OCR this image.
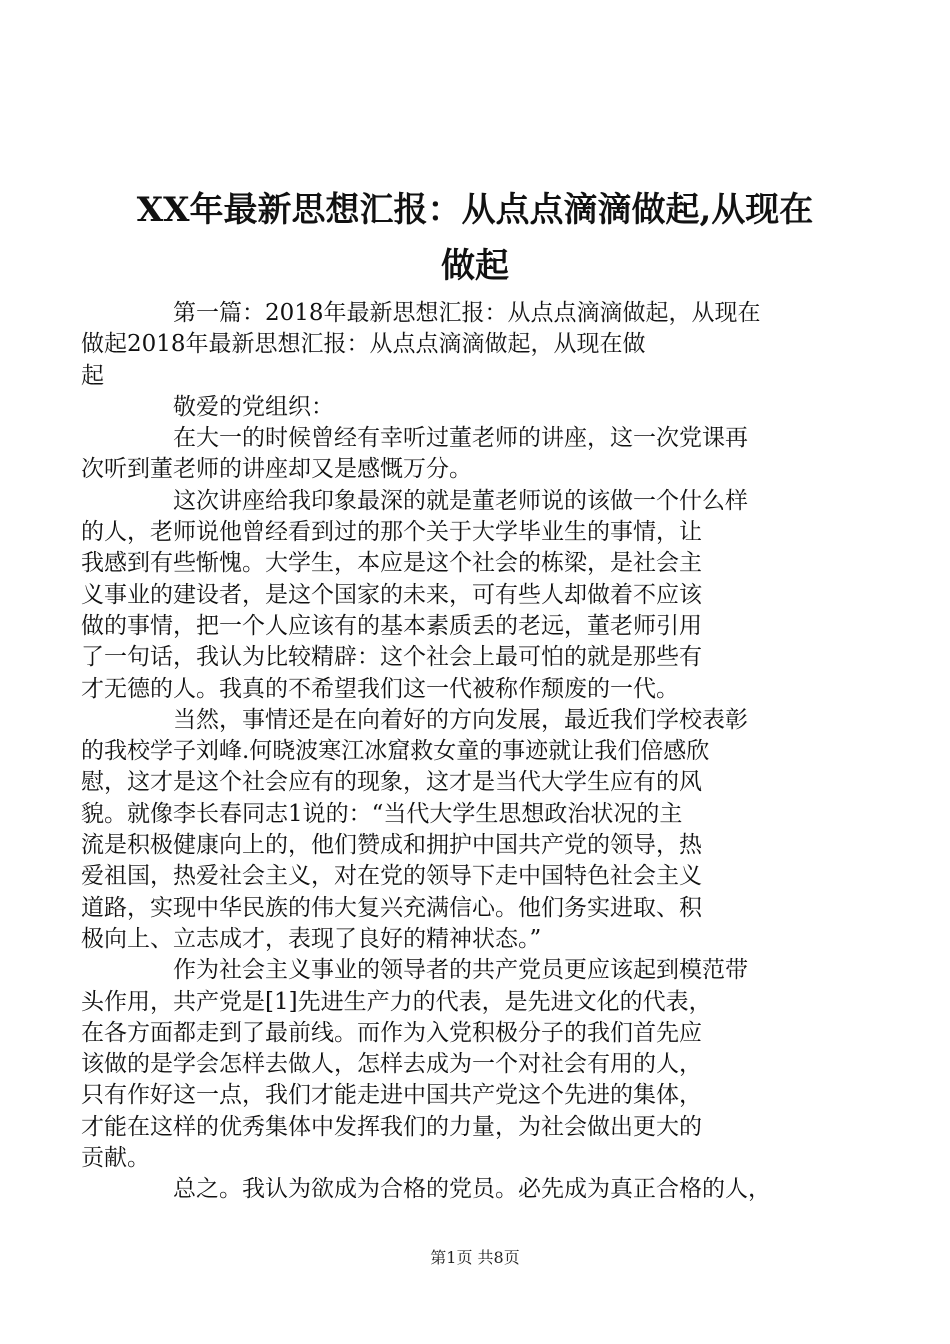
XX年最新思想汇报：从点点滴滴做起,从现在
做起
第一篇：2018年最新思想汇报：从点点滴滴做起，从现在
做起2018年最新思想汇报：从点点滴滴做起，从现在做
起
敬爱的党组织：
在大一的时候曾经有幸听过董老师的讲座，这一次党课再
次听到董老师的讲座却又是感慨万分。
这次讲座给我印象最深的就是董老师说的该做一个什么样
的人，老师说他曾经看到过的那个关于大学毕业生的事情，让
我感到有些惭愧。大学生，本应是这个社会的栋梁，是社会主
义事业的建设者，是这个国家的未来，可有些人却做着不应该
做的事情，把一个人应该有的基本素质丢的老远，董老师引用
了一句话，我认为比较精辟：这个社会上最可怕的就是那些有
才无德的人。我真的不希望我们这一代被称作颓废的一代。
当然，事情还是在向着好的方向发展，最近我们学校表彰
的我校学子刘峰.何晓波寒江冰窟救女童的事迹就让我们倍感欣
慰，这才是这个社会应有的现象，这才是当代大学生应有的风
貌。就像李长春同志1说的：“当代大学生思想政治状况的主
流是积极健康向上的，他们赞成和拥护中国共产党的领导，热
爱祖国，热爱社会主义，对在党的领导下走中国特色社会主义
道路，实现中华民族的伟大复兴充满信心。他们务实进取、积
极向上、立志成才，表现了良好的精神状态。”
作为社会主义事业的领导者的共产党员更应该起到模范带
头作用，共产党是[1]先进生产力的代表，是先进文化的代表，
在各方面都走到了最前线。而作为入党积极分子的我们首先应
该做的是学会怎样去做人，怎样去成为一个对社会有用的人，
只有作好这一点，我们才能走进中国共产党这个先进的集体，
才能在这样的优秀集体中发挥我们的力量，为社会做出更大的
贡献。
总之。我认为欲成为合格的党员。必先成为真正合格的人，
第1页 共8页
